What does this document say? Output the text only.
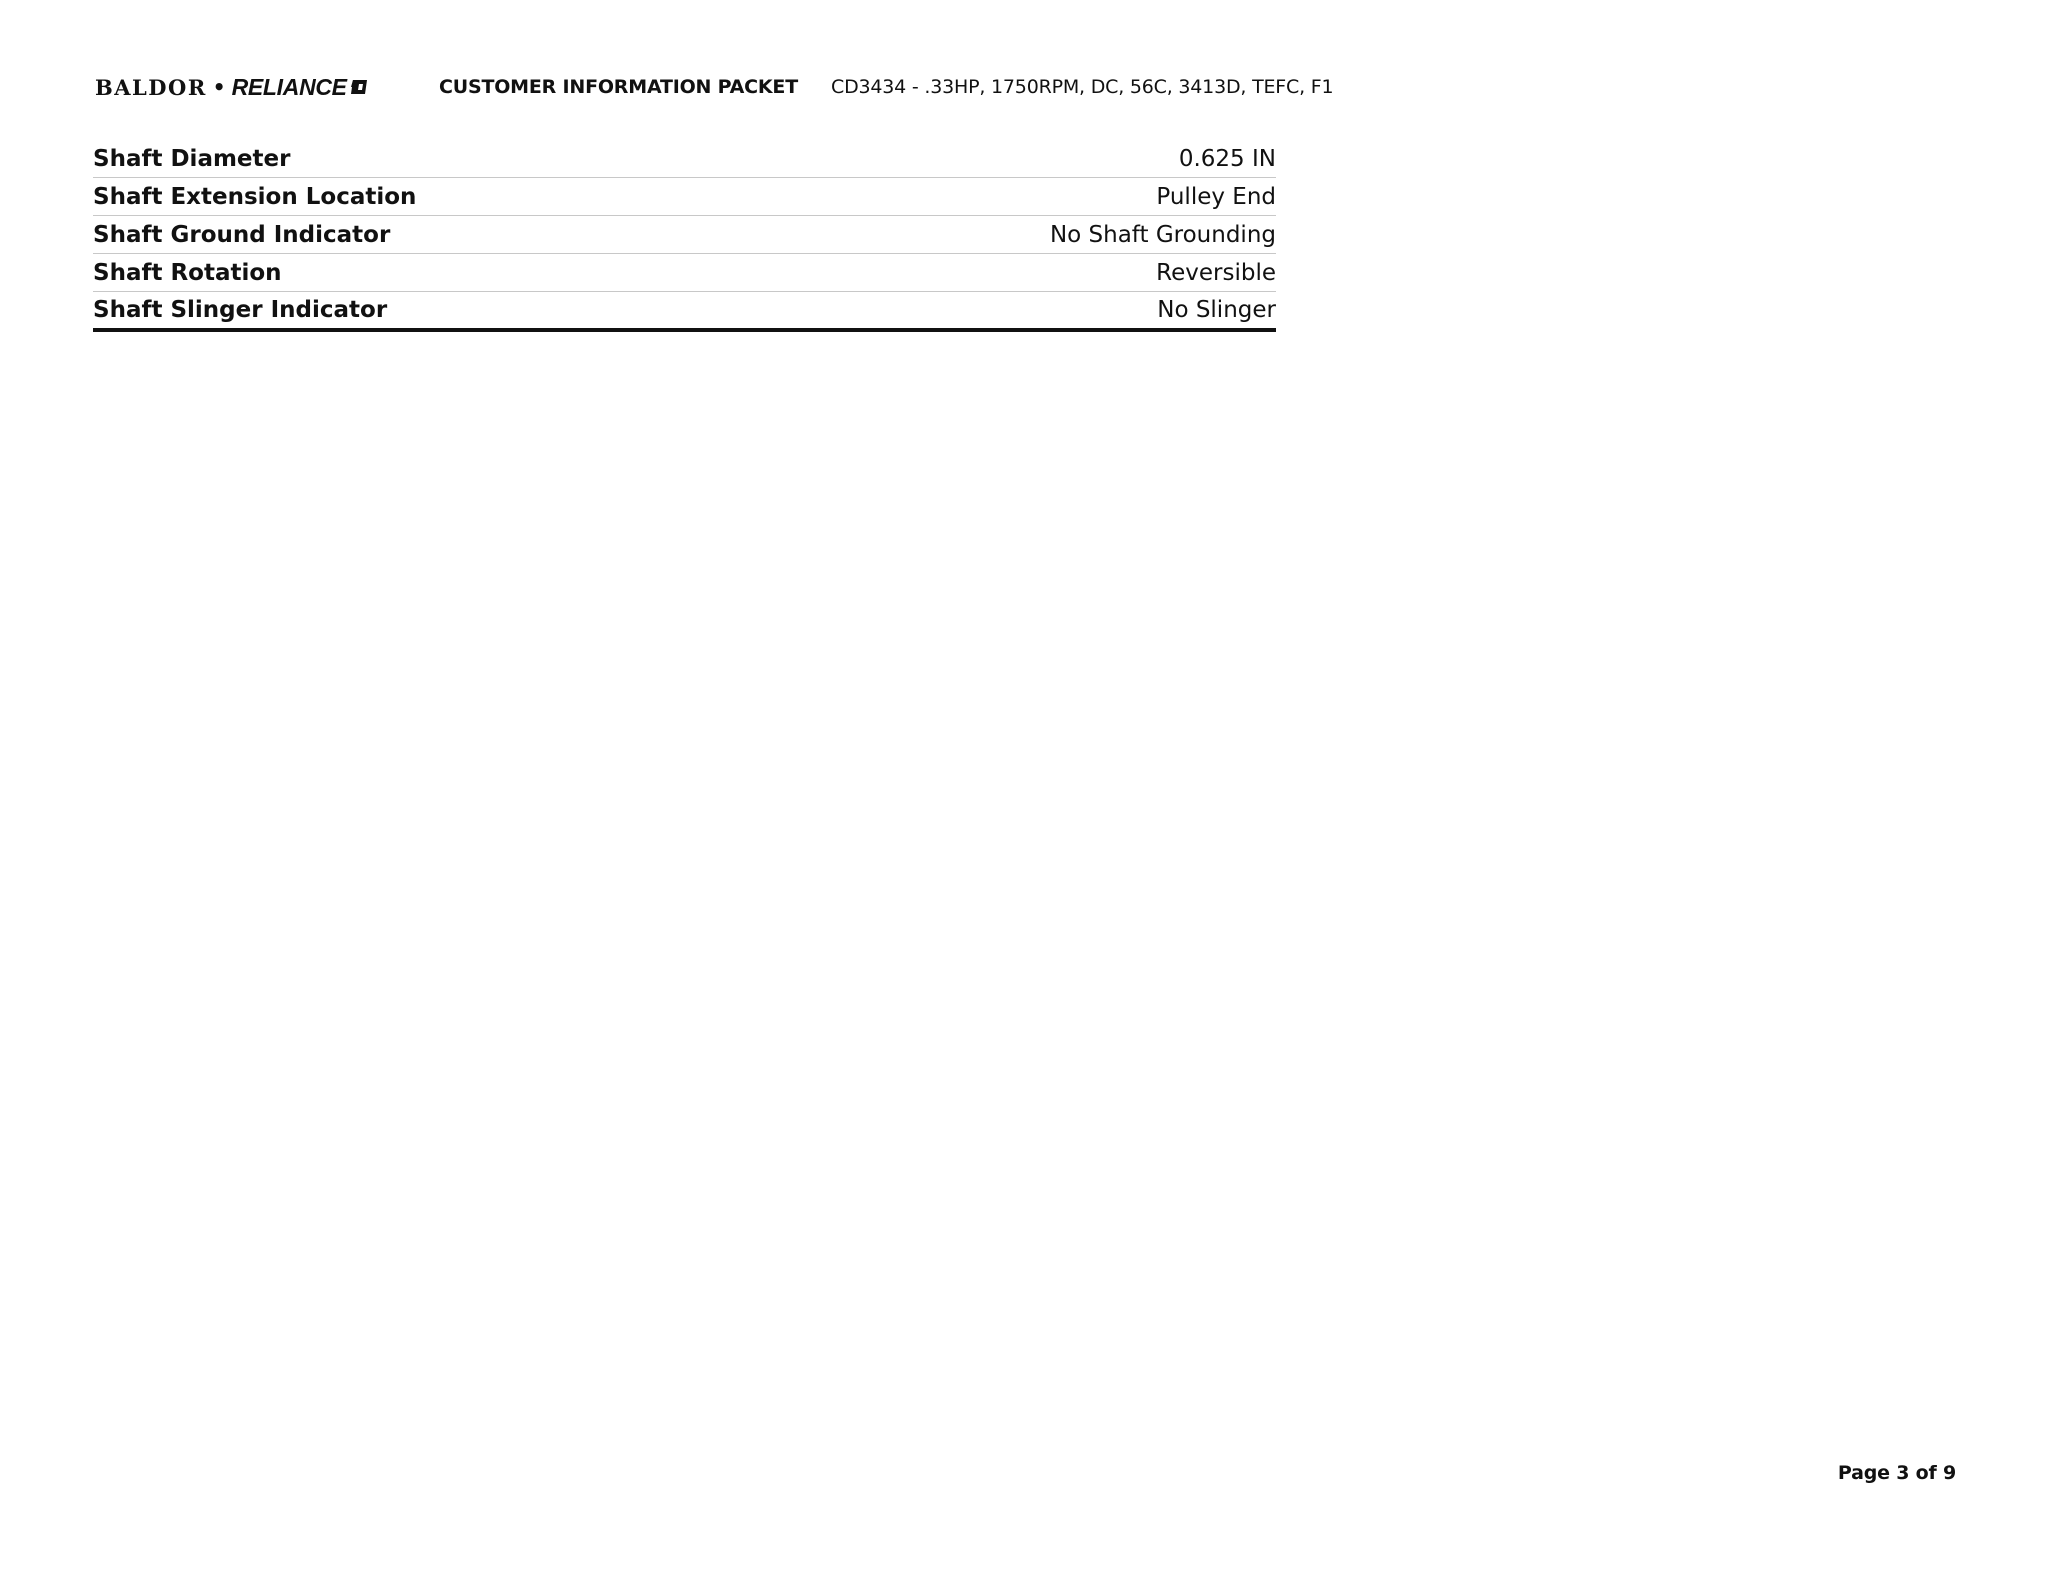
BALDOR • RELIANCE	CUSTOMER INFORMATION PACKET	CD3434 - .33HP, 1750RPM, DC, 56C, 3413D, TEFC, F1
Shaft Diameter	0.625 IN
Shaft Extension Location	Pulley End
Shaft Ground Indicator	No Shaft Grounding
Shaft Rotation	Reversible
Shaft Slinger Indicator	No Slinger
Page 3 of 9
